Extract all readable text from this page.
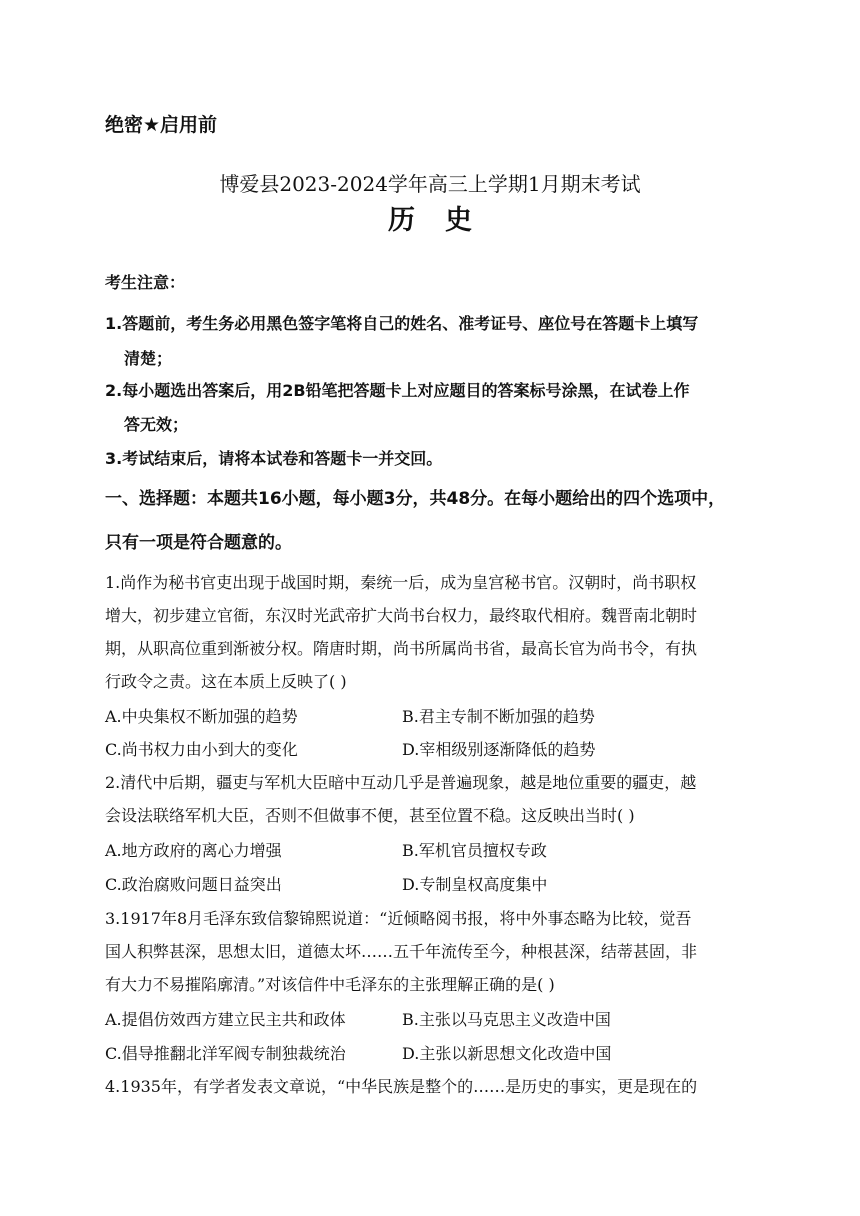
绝密★启用前
博爱县2023-2024学年高三上学期1月期末考试
历史
考生注意：
1.答题前，考生务必用黑色签字笔将自己的姓名、准考证号、座位号在答题卡上填写
清楚；
2.每小题选出答案后，用2B铅笔把答题卡上对应题目的答案标号涂黑，在试卷上作
答无效；
3.考试结束后，请将本试卷和答题卡一并交回。
一、选择题：本题共16小题，每小题3分，共48分。在每小题给出的四个选项中，
只有一项是符合题意的。
1.尚作为秘书官吏出现于战国时期，秦统一后，成为皇宫秘书官。汉朝时，尚书职权
增大，初步建立官衙，东汉时光武帝扩大尚书台权力，最终取代相府。魏晋南北朝时
期，从职高位重到渐被分权。隋唐时期，尚书所属尚书省，最高长官为尚书令，有执
行政令之责。这在本质上反映了( )
A.中央集权不断加强的趋势	B.君主专制不断加强的趋势
C.尚书权力由小到大的变化	D.宰相级别逐渐降低的趋势
2.清代中后期，疆吏与军机大臣暗中互动几乎是普遍现象，越是地位重要的疆吏，越
会设法联络军机大臣，否则不但做事不便，甚至位置不稳。这反映出当时( )
A.地方政府的离心力增强	B.军机官员擅权专政
C.政治腐败问题日益突出	D.专制皇权高度集中
3.1917年8月毛泽东致信黎锦熙说道：“近倾略阅书报，将中外事态略为比较，觉吾
国人积弊甚深，思想太旧，道德太坏……五千年流传至今，种根甚深，结蒂甚固，非
有大力不易摧陷廓清。”对该信件中毛泽东的主张理解正确的是( )
A.提倡仿效西方建立民主共和政体	B.主张以马克思主义改造中国
C.倡导推翻北洋军阀专制独裁统治	D.主张以新思想文化改造中国
4.1935年，有学者发表文章说，“中华民族是整个的……是历史的事实，更是现在的
